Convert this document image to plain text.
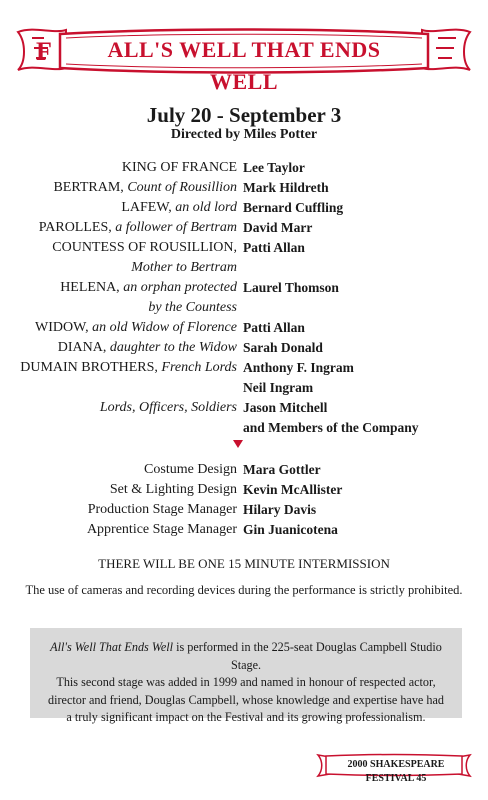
F	ALL'S WELL THAT ENDS WELL
July 20 - September 3
Directed by Miles Potter
KING OF FRANCE Lee Taylor
BERTRAM, Count of Rousillion Mark Hildreth
LAFEW, an old lord Bernard Cuffling
PAROLLES, a follower of Bertram David Marr
COUNTESS OF ROUSILLION, Patti Allan
Mother to Bertram
HELENA, an orphan protected Laurel Thomson
by the Countess
WIDOW, an old Widow of Florence Patti Allan
DIANA, daughter to the Widow Sarah Donald
DUMAIN BROTHERS, French Lords Anthony F. Ingram
Neil Ingram
Lords, Officers, Soldiers Jason Mitchell
and Members of the Company
Costume Design Mara Gottler
Set & Lighting Design Kevin McAllister
Production Stage Manager Hilary Davis
Apprentice Stage Manager Gin Juanicotena
THERE WILL BE ONE 15 MINUTE INTERMISSION
The use of cameras and recording devices during the performance is strictly prohibited.
All's Well That Ends Well is performed in the 225-seat Douglas Campbell Studio Stage.
This second stage was added in 1999 and named in honour of respected actor,
director and friend, Douglas Campbell, whose knowledge and expertise have had
a truly significant impact on the Festival and its growing professionalism.
2000 SHAKESPEARE FESTIVAL 45
